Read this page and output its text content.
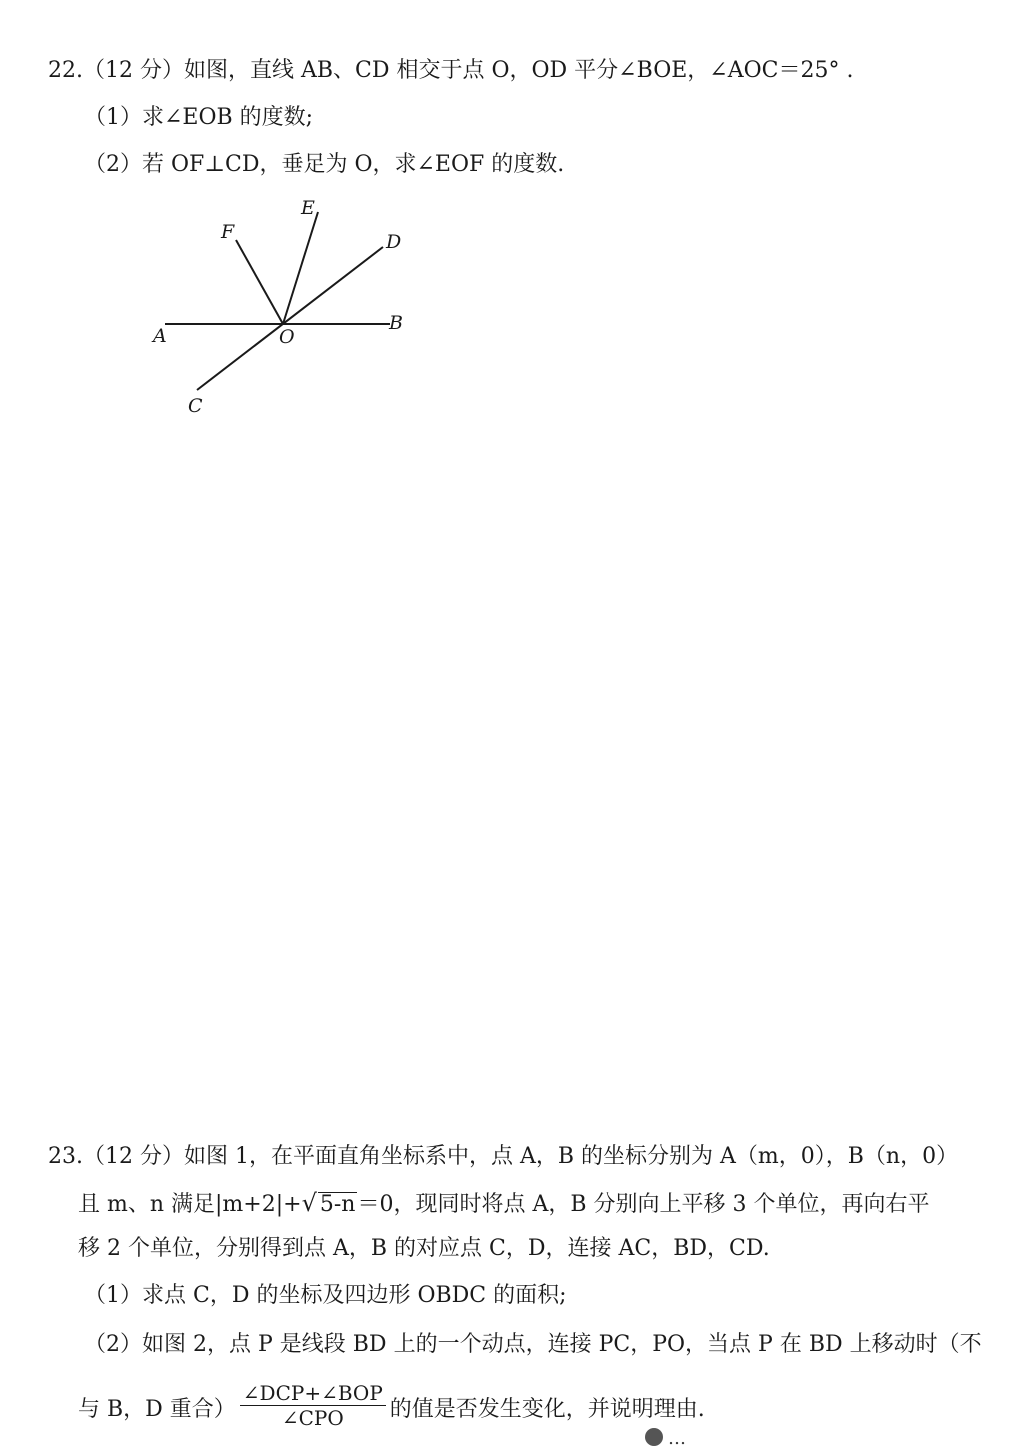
22.（12 分）如图，直线 AB、CD 相交于点 O，OD 平分∠BOE，∠AOC＝25° .
（1）求∠EOB 的度数;
（2）若 OF⊥CD，垂足为 O，求∠EOF 的度数.
A
B
C
D
E
F
O
23.（12 分）如图 1，在平面直角坐标系中，点 A，B 的坐标分别为 A（m，0），B（n，0）
且 m、n 满足|m+2|+√ 5-n＝0，现同时将点 A，B 分别向上平移 3 个单位，再向右平
移 2 个单位，分别得到点 A，B 的对应点 C，D，连接 AC，BD，CD.
（1）求点 C，D 的坐标及四边形 OBDC 的面积;
（2）如图 2，点 P 是线段 BD 上的一个动点，连接 PC，PO，当点 P 在 BD 上移动时（不
与 B，D 重合） $\frac{\text{∠DCP+∠BOP}}{\text{∠CPO}}$ 的值是否发生变化，并说明理由.
…
